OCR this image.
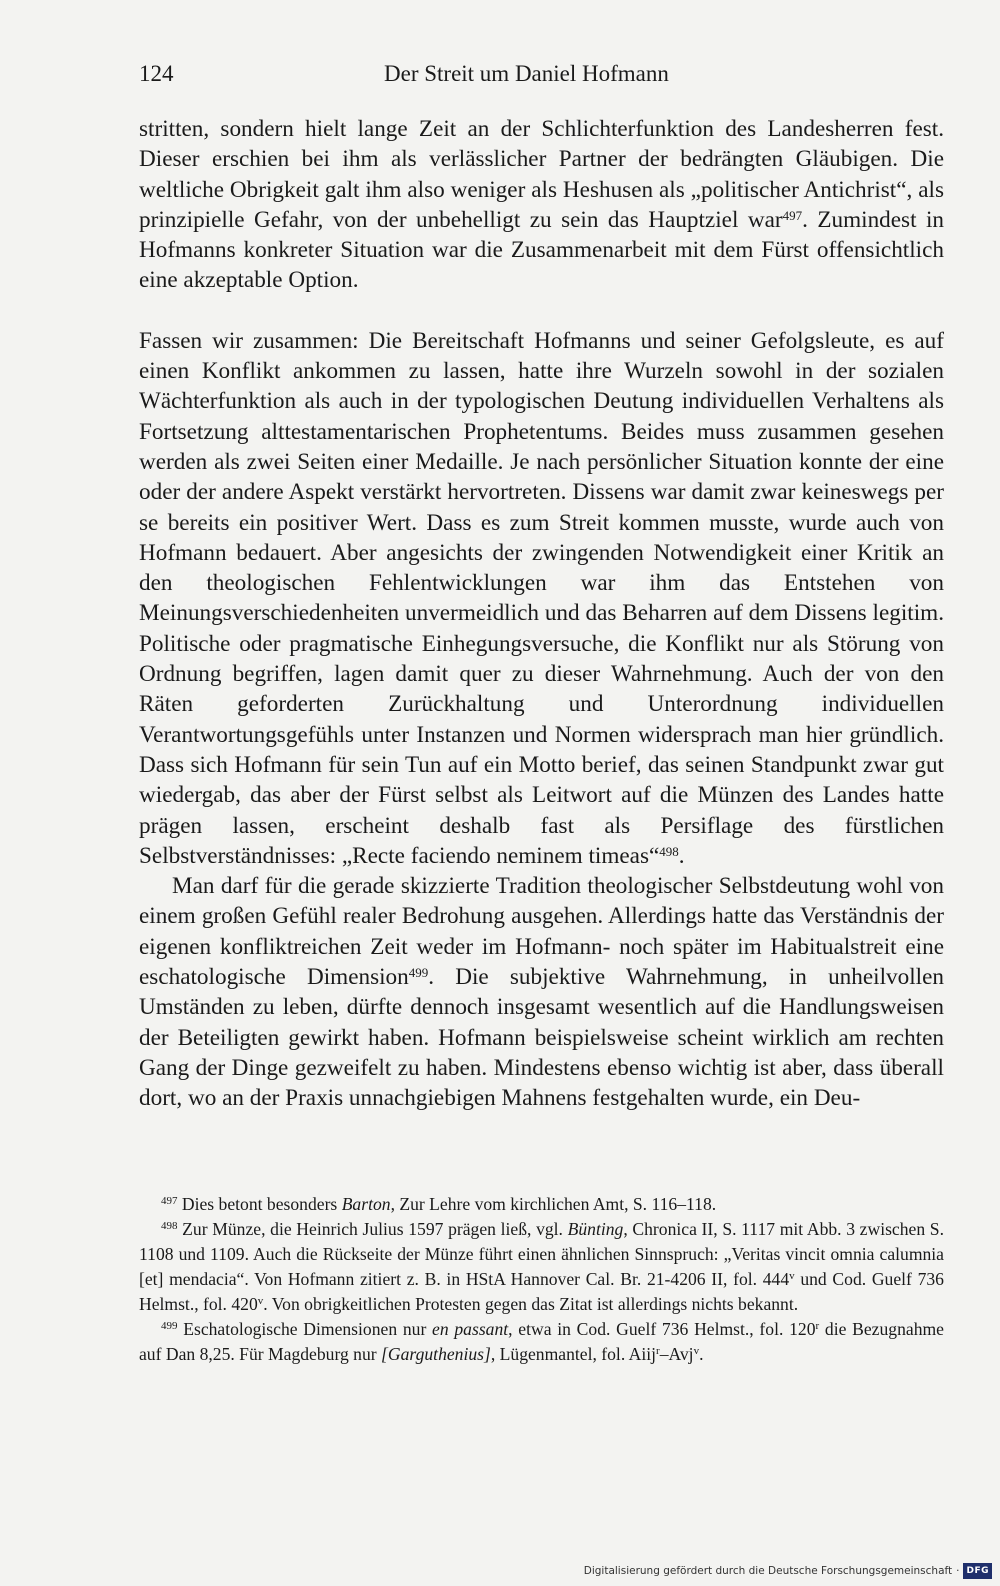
124	Der Streit um Daniel Hofmann

stritten, sondern hielt lange Zeit an der Schlichterfunktion des Landesherren fest. Dieser erschien bei ihm als verlässlicher Partner der bedrängten Gläubigen. Die weltliche Obrigkeit galt ihm also weniger als Heshusen als „politischer Antichrist“, als prinzipielle Gefahr, von der unbehelligt zu sein das Hauptziel war$^{497}$. Zumindest in Hofmanns konkreter Situation war die Zusammenarbeit mit dem Fürst offensichtlich eine akzeptable Option.

Fassen wir zusammen: Die Bereitschaft Hofmanns und seiner Gefolgsleute, es auf einen Konflikt ankommen zu lassen, hatte ihre Wurzeln sowohl in der sozialen Wächterfunktion als auch in der typologischen Deutung individuellen Verhaltens als Fortsetzung alttestamentarischen Prophetentums. Beides muss zusammen gesehen werden als zwei Seiten einer Medaille. Je nach persönlicher Situation konnte der eine oder der andere Aspekt verstärkt hervortreten. Dissens war damit zwar keineswegs per se bereits ein positiver Wert. Dass es zum Streit kommen musste, wurde auch von Hofmann bedauert. Aber angesichts der zwingenden Notwendigkeit einer Kritik an den theologischen Fehlentwicklungen war ihm das Entstehen von Meinungsverschiedenheiten unvermeidlich und das Beharren auf dem Dissens legitim. Politische oder pragmatische Einhegungsversuche, die Konflikt nur als Störung von Ordnung begriffen, lagen damit quer zu dieser Wahrnehmung. Auch der von den Räten geforderten Zurückhaltung und Unterordnung individuellen Verantwortungsgefühls unter Instanzen und Normen widersprach man hier gründlich. Dass sich Hofmann für sein Tun auf ein Motto berief, das seinen Standpunkt zwar gut wiedergab, das aber der Fürst selbst als Leitwort auf die Münzen des Landes hatte prägen lassen, erscheint deshalb fast als Persiflage des fürstlichen Selbstverständnisses: „Recte faciendo neminem timeas“$^{498}$.

Man darf für die gerade skizzierte Tradition theologischer Selbstdeutung wohl von einem großen Gefühl realer Bedrohung ausgehen. Allerdings hatte das Verständnis der eigenen konfliktreichen Zeit weder im Hofmann- noch später im Habitualstreit eine eschatologische Dimension$^{499}$. Die subjektive Wahrnehmung, in unheilvollen Umständen zu leben, dürfte dennoch insgesamt wesentlich auf die Handlungsweisen der Beteiligten gewirkt haben. Hofmann beispielsweise scheint wirklich am rechten Gang der Dinge gezweifelt zu haben. Mindestens ebenso wichtig ist aber, dass überall dort, wo an der Praxis unnachgiebigen Mahnens festgehalten wurde, ein Deu-

$^{497}$ Dies betont besonders Barton, Zur Lehre vom kirchlichen Amt, S. 116–118.

$^{498}$ Zur Münze, die Heinrich Julius 1597 prägen ließ, vgl. Bünting, Chronica II, S. 1117 mit Abb. 3 zwischen S. 1108 und 1109. Auch die Rückseite der Münze führt einen ähnlichen Sinnspruch: „Veritas vincit omnia calumnia [et] mendacia“. Von Hofmann zitiert z. B. in HStA Hannover Cal. Br. 21-4206 II, fol. 444$^v$ und Cod. Guelf 736 Helmst., fol. 420$^v$. Von obrigkeitlichen Protesten gegen das Zitat ist allerdings nichts bekannt.

$^{499}$ Eschatologische Dimensionen nur en passant, etwa in Cod. Guelf 736 Helmst., fol. 120$^r$ die Bezugnahme auf Dan 8,25. Für Magdeburg nur [Garguthenius], Lügenmantel, fol. Aiij$^r$–Avj$^v$.

Digitalisierung gefördert durch die Deutsche Forschungsgemeinschaft · DFG
